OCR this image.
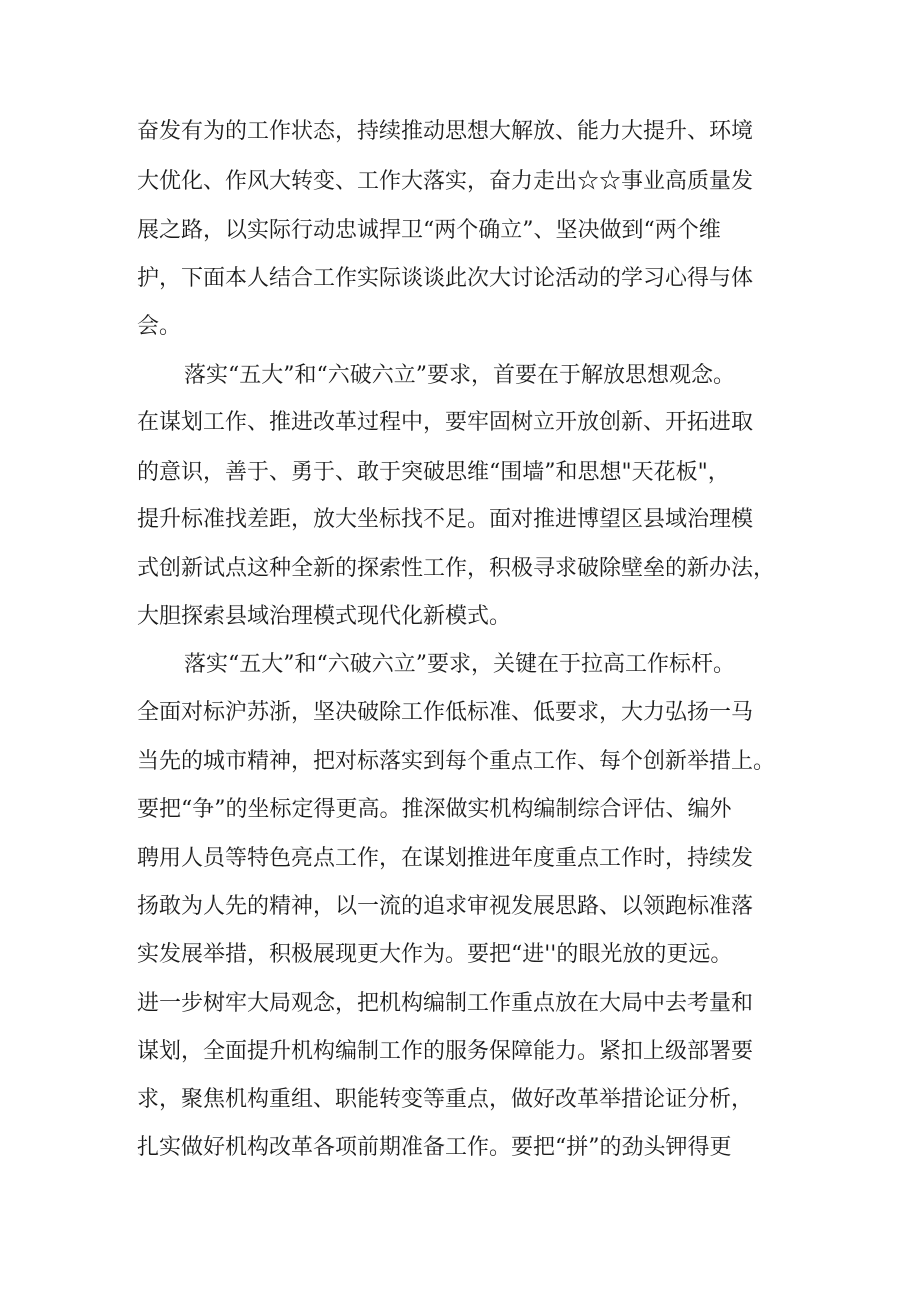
奋发有为的工作状态，持续推动思想大解放、能力大提升、环境

大优化、作风大转变、工作大落实，奋力走出☆☆事业高质量发

展之路，以实际行动忠诚捍卫“两个确立”、坚决做到“两个维

护，下面本人结合工作实际谈谈此次大讨论活动的学习心得与体

会。

落实“五大”和“六破六立”要求，首要在于解放思想观念。

在谋划工作、推进改革过程中，要牢固树立开放创新、开拓进取

的意识，善于、勇于、敢于突破思维“围墙”和思想"天花板"，

提升标准找差距，放大坐标找不足。面对推进博望区县域治理模

式创新试点这种全新的探索性工作，积极寻求破除壁垒的新办法，

大胆探索县域治理模式现代化新模式。

落实“五大”和“六破六立”要求，关键在于拉高工作标杆。

全面对标沪苏浙，坚决破除工作低标准、低要求，大力弘扬一马

当先的城市精神，把对标落实到每个重点工作、每个创新举措上。

要把“争”的坐标定得更高。推深做实机构编制综合评估、编外

聘用人员等特色亮点工作，在谋划推进年度重点工作时，持续发

扬敢为人先的精神，以一流的追求审视发展思路、以领跑标准落

实发展举措，积极展现更大作为。要把“进''的眼光放的更远。

进一步树牢大局观念，把机构编制工作重点放在大局中去考量和

谋划，全面提升机构编制工作的服务保障能力。紧扣上级部署要

求，聚焦机构重组、职能转变等重点，做好改革举措论证分析，

扎实做好机构改革各项前期准备工作。要把“拼”的劲头钾得更
